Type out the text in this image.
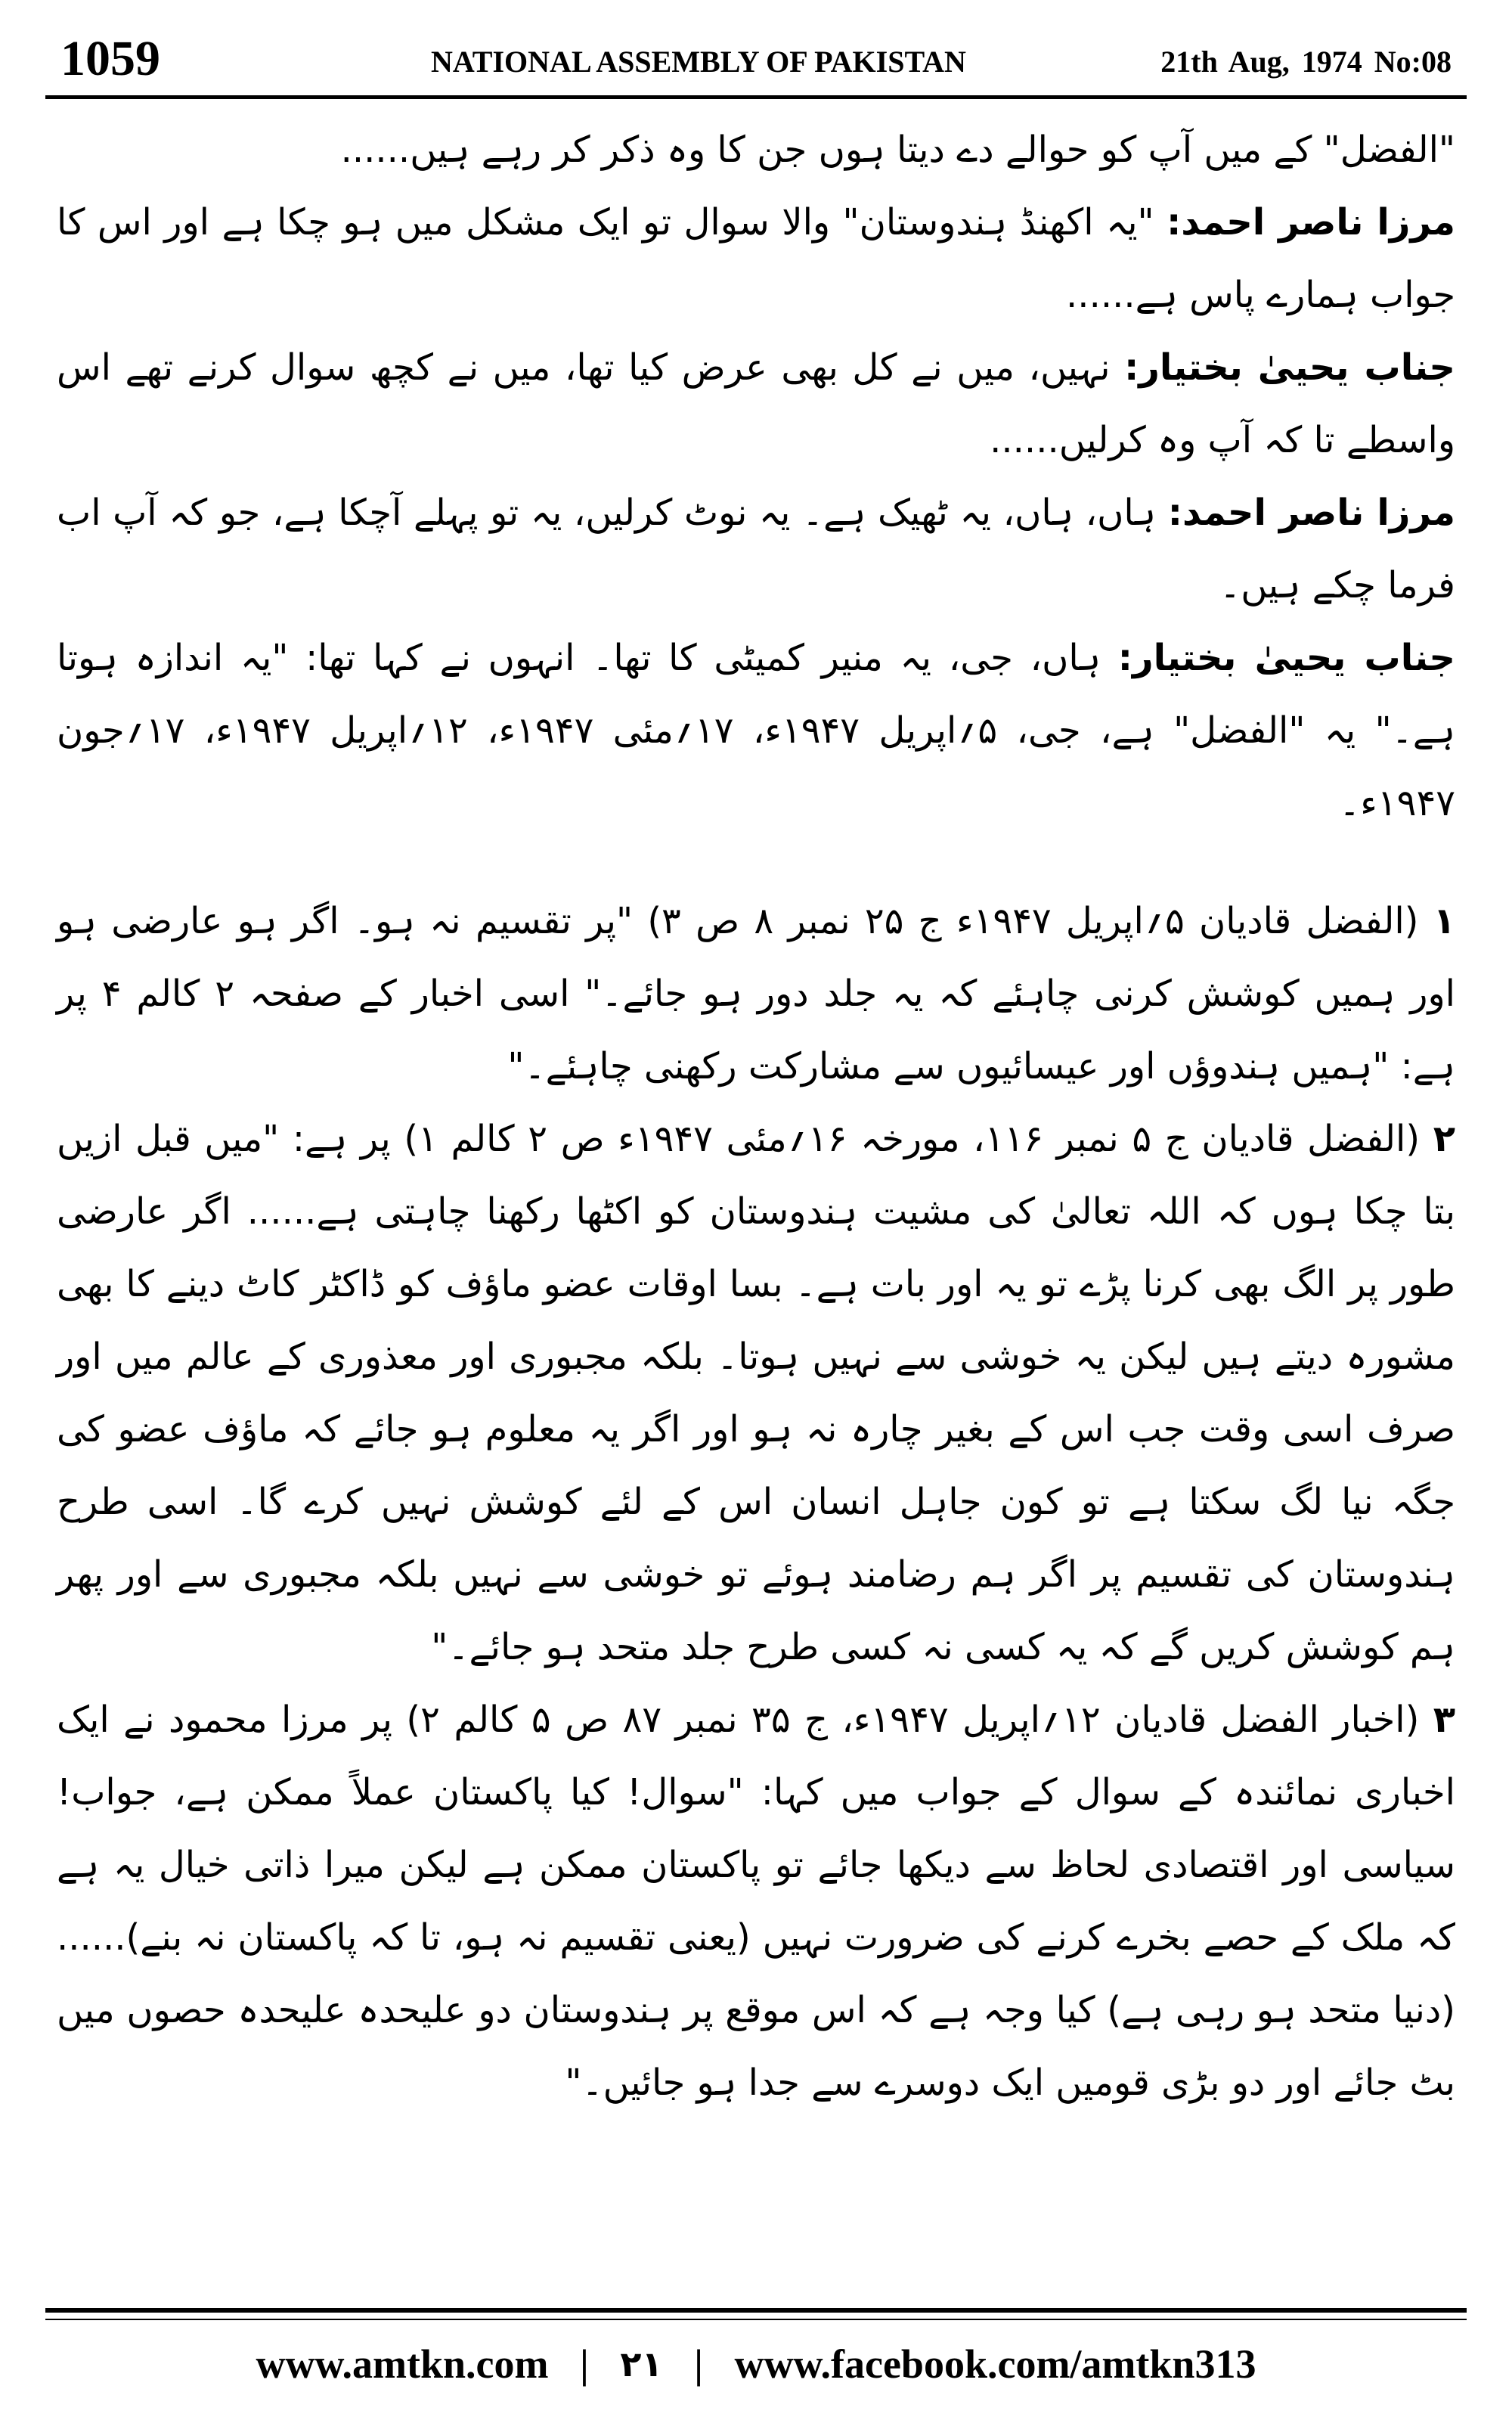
1059	NATIONAL ASSEMBLY OF PAKISTAN	21th Aug, 1974 No:08

"الفضل" کے میں آپ کو حوالے دے دیتا ہوں جن کا وہ ذکر کر رہے ہیں......

مرزا ناصر احمد: "یہ اکھنڈ ہندوستان" والا سوال تو ایک مشکل میں ہو چکا ہے اور اس کا جواب ہمارے پاس ہے......

جناب یحییٰ بختیار: نہیں، میں نے کل بھی عرض کیا تھا، میں نے کچھ سوال کرنے تھے اس واسطے تا کہ آپ وہ کرلیں......

مرزا ناصر احمد: ہاں، ہاں، یہ ٹھیک ہے۔ یہ نوٹ کرلیں، یہ تو پہلے آچکا ہے، جو کہ آپ اب فرما چکے ہیں۔

جناب یحییٰ بختیار: ہاں، جی، یہ منیر کمیٹی کا تھا۔ انہوں نے کہا تھا: "یہ اندازہ ہوتا ہے۔" یہ "الفضل" ہے، جی، ۵؍اپریل ۱۹۴۷ء، ۱۷؍مئی ۱۹۴۷ء، ۱۲؍اپریل ۱۹۴۷ء، ۱۷؍جون ۱۹۴۷ء۔

۱ (الفضل قادیان ۵؍اپریل ۱۹۴۷ء ج ۲۵ نمبر ۸ ص ۳) "پر تقسیم نہ ہو۔ اگر ہو عارضی ہو اور ہمیں کوشش کرنی چاہئے کہ یہ جلد دور ہو جائے۔" اسی اخبار کے صفحہ ۲ کالم ۴ پر ہے: "ہمیں ہندوؤں اور عیسائیوں سے مشارکت رکھنی چاہئے۔"

۲ (الفضل قادیان ج ۵ نمبر ۱۱۶، مورخہ ۱۶؍مئی ۱۹۴۷ء ص ۲ کالم ۱) پر ہے: "میں قبل ازیں بتا چکا ہوں کہ اللہ تعالیٰ کی مشیت ہندوستان کو اکٹھا رکھنا چاہتی ہے...... اگر عارضی طور پر الگ بھی کرنا پڑے تو یہ اور بات ہے۔ بسا اوقات عضو ماؤف کو ڈاکٹر کاٹ دینے کا بھی مشورہ دیتے ہیں لیکن یہ خوشی سے نہیں ہوتا۔ بلکہ مجبوری اور معذوری کے عالم میں اور صرف اسی وقت جب اس کے بغیر چارہ نہ ہو اور اگر یہ معلوم ہو جائے کہ ماؤف عضو کی جگہ نیا لگ سکتا ہے تو کون جاہل انسان اس کے لئے کوشش نہیں کرے گا۔ اسی طرح ہندوستان کی تقسیم پر اگر ہم رضامند ہوئے تو خوشی سے نہیں بلکہ مجبوری سے اور پھر ہم کوشش کریں گے کہ یہ کسی نہ کسی طرح جلد متحد ہو جائے۔"

۳ (اخبار الفضل قادیان ۱۲؍اپریل ۱۹۴۷ء، ج ۳۵ نمبر ۸۷ ص ۵ کالم ۲) پر مرزا محمود نے ایک اخباری نمائندہ کے سوال کے جواب میں کہا: "سوال! کیا پاکستان عملاً ممکن ہے، جواب! سیاسی اور اقتصادی لحاظ سے دیکھا جائے تو پاکستان ممکن ہے لیکن میرا ذاتی خیال یہ ہے کہ ملک کے حصے بخرے کرنے کی ضرورت نہیں (یعنی تقسیم نہ ہو، تا کہ پاکستان نہ بنے)...... (دنیا متحد ہو رہی ہے) کیا وجہ ہے کہ اس موقع پر ہندوستان دو علیحدہ علیحدہ حصوں میں بٹ جائے اور دو بڑی قومیں ایک دوسرے سے جدا ہو جائیں۔"

www.amtkn.com | ۲۱ | www.facebook.com/amtkn313
